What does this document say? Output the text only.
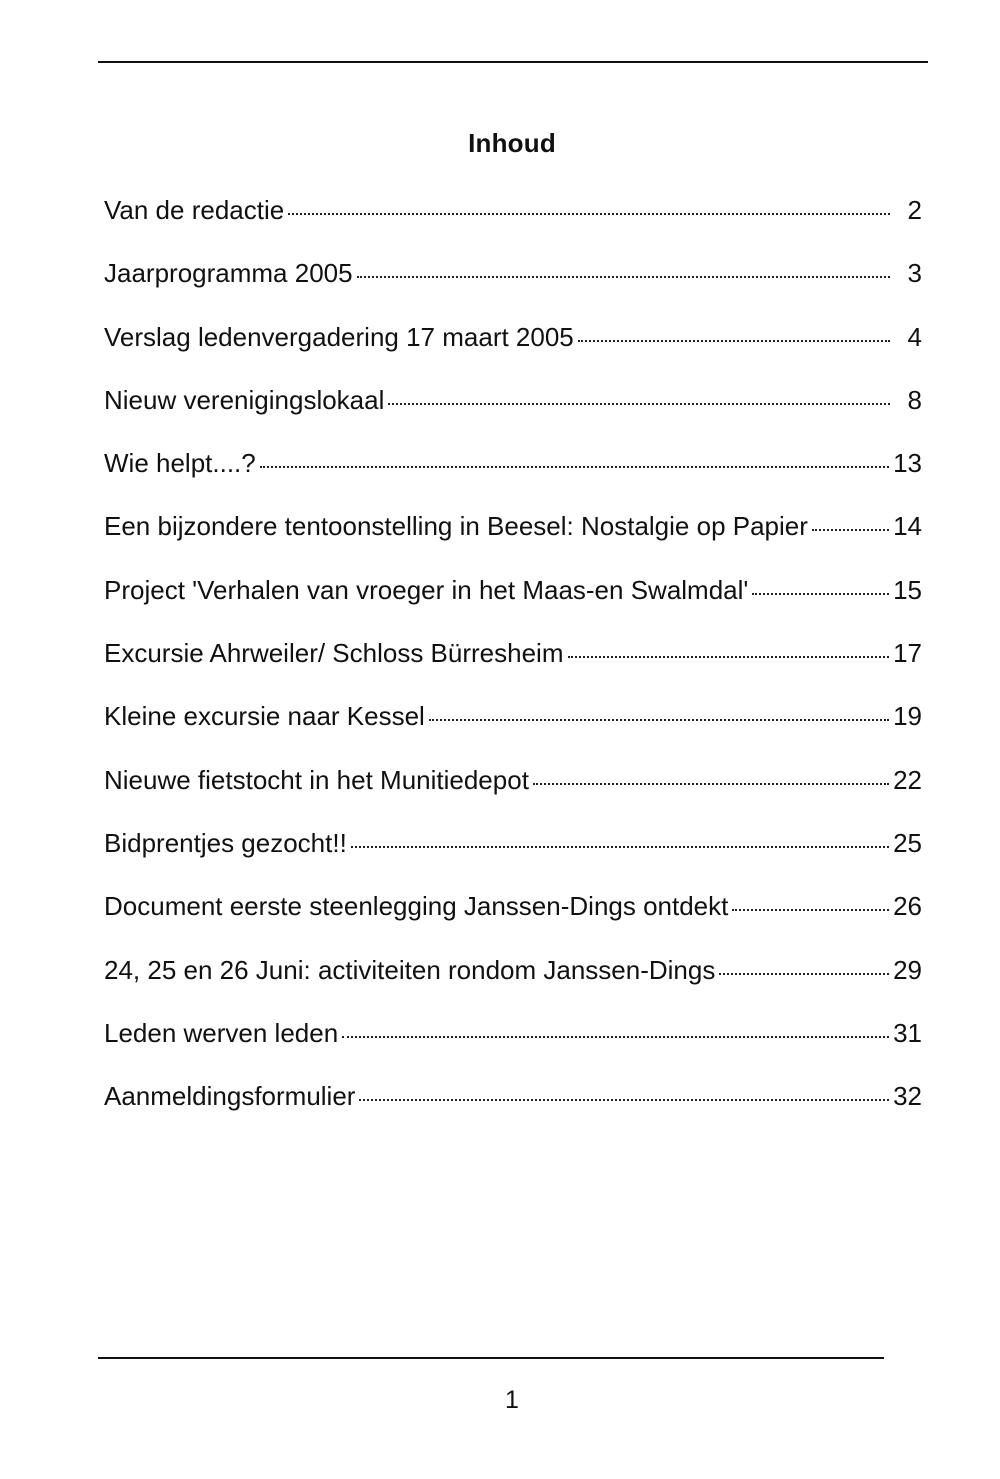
Inhoud
Van de redactie	2
Jaarprogramma 2005	3
Verslag ledenvergadering 17 maart 2005	4
Nieuw verenigingslokaal	8
Wie helpt....?	13
Een bijzondere tentoonstelling in Beesel: Nostalgie op Papier	14
Project 'Verhalen van vroeger in het Maas-en Swalmdal'	15
Excursie Ahrweiler/ Schloss Bürresheim	17
Kleine excursie naar Kessel	19
Nieuwe fietstocht in het Munitiedepot	22
Bidprentjes gezocht!!	25
Document eerste steenlegging Janssen-Dings ontdekt	26
24, 25 en 26 Juni: activiteiten rondom Janssen-Dings	29
Leden werven leden	31
Aanmeldingsformulier	32
1
